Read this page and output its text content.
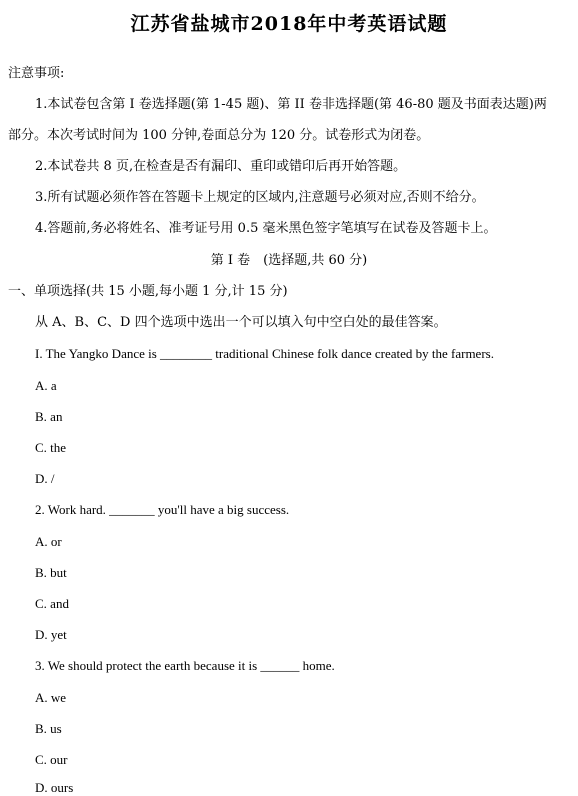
江苏省盐城市2018年中考英语试题
注意事项:
1.本试卷包含第 I 卷选择题(第 1-45 题)、第 II 卷非选择题(第 46-80 题及书面表达题)两
部分。本次考试时间为 100 分钟,卷面总分为 120 分。试卷形式为闭卷。
2.本试卷共 8 页,在检查是否有漏印、重印或错印后再开始答题。
3.所有试题必须作答在答题卡上规定的区域内,注意题号必须对应,否则不给分。
4.答题前,务必将姓名、准考证号用 0.5 毫米黑色签字笔填写在试卷及答题卡上。
第 I 卷　(选择题,共 60 分)
一、单项选择(共 15 小题,每小题 1 分,计 15 分)
从 A、B、C、D 四个选项中选出一个可以填入句中空白处的最佳答案。
I. The Yangko Dance is ________ traditional Chinese folk dance created by the farmers.
A. a
B. an
C. the
D. /
2. Work hard. _______ you'll have a big success.
A. or
B. but
C. and
D. yet
3. We should protect the earth because it is ______ home.
A. we
B. us
C. our
D. ours
